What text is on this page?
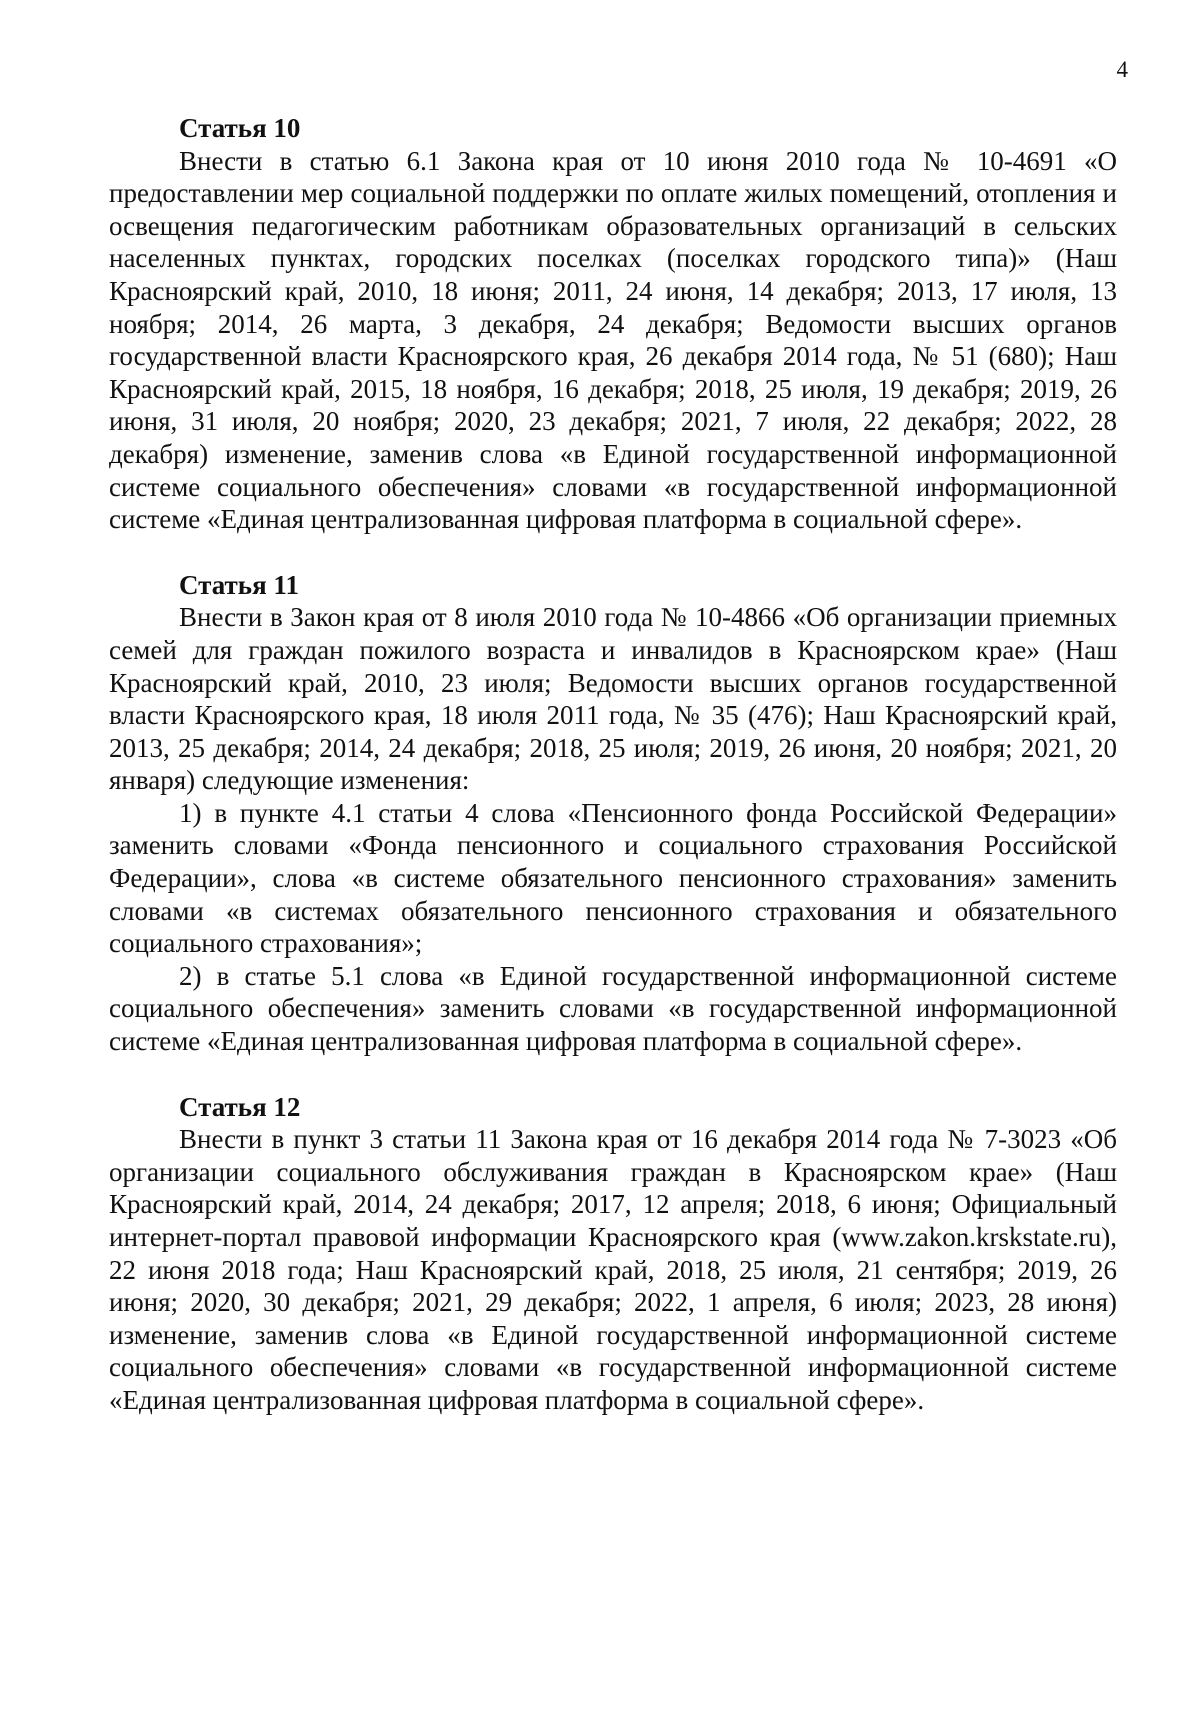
4

Статья 10

Внести в статью 6.1 Закона края от 10 июня 2010 года № 10-4691 «О предоставлении мер социальной поддержки по оплате жилых помещений, отопления и освещения педагогическим работникам образовательных организаций в сельских населенных пунктах, городских поселках (поселках городского типа)» (Наш Красноярский край, 2010, 18 июня; 2011, 24 июня, 14 декабря; 2013, 17 июля, 13 ноября; 2014, 26 марта, 3 декабря, 24 декабря; Ведомости высших органов государственной власти Красноярского края, 26 декабря 2014 года, № 51 (680); Наш Красноярский край, 2015, 18 ноября, 16 декабря; 2018, 25 июля, 19 декабря; 2019, 26 июня, 31 июля, 20 ноября; 2020, 23 декабря; 2021, 7 июля, 22 декабря; 2022, 28 декабря) изменение, заменив слова «в Единой государственной информационной системе социального обеспечения» словами «в государственной информационной системе «Единая централизованная цифровая платформа в социальной сфере».

Статья 11

Внести в Закон края от 8 июля 2010 года № 10-4866 «Об организации приемных семей для граждан пожилого возраста и инвалидов в Красноярском крае» (Наш Красноярский край, 2010, 23 июля; Ведомости высших органов государственной власти Красноярского края, 18 июля 2011 года, № 35 (476); Наш Красноярский край, 2013, 25 декабря; 2014, 24 декабря; 2018, 25 июля; 2019, 26 июня, 20 ноября; 2021, 20 января) следующие изменения:

1) в пункте 4.1 статьи 4 слова «Пенсионного фонда Российской Федерации» заменить словами «Фонда пенсионного и социального страхования Российской Федерации», слова «в системе обязательного пенсионного страхования» заменить словами «в системах обязательного пенсионного страхования и обязательного социального страхования»;

2) в статье 5.1 слова «в Единой государственной информационной системе социального обеспечения» заменить словами «в государственной информационной системе «Единая централизованная цифровая платформа в социальной сфере».

Статья 12

Внести в пункт 3 статьи 11 Закона края от 16 декабря 2014 года № 7-3023 «Об организации социального обслуживания граждан в Красноярском крае» (Наш Красноярский край, 2014, 24 декабря; 2017, 12 апреля; 2018, 6 июня; Официальный интернет-портал правовой информации Красноярского края (www.zakon.krskstate.ru), 22 июня 2018 года; Наш Красноярский край, 2018, 25 июля, 21 сентября; 2019, 26 июня; 2020, 30 декабря; 2021, 29 декабря; 2022, 1 апреля, 6 июля; 2023, 28 июня) изменение, заменив слова «в Единой государственной информационной системе социального обеспечения» словами «в государственной информационной системе «Единая централизованная цифровая платформа в социальной сфере».
